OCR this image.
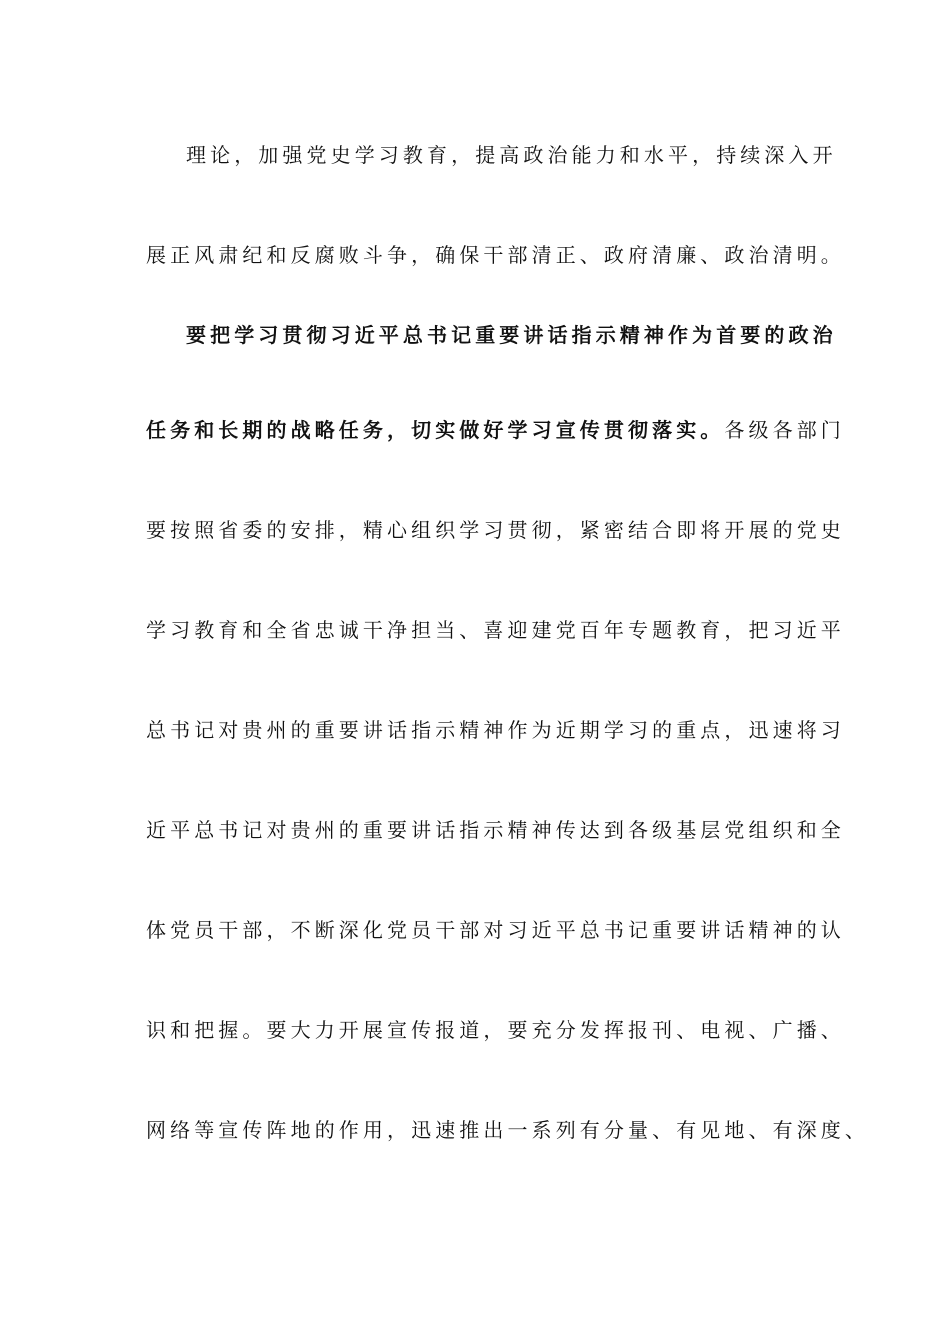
理论，加强党史学习教育，提高政治能力和水平，持续深入开
展正风肃纪和反腐败斗争，确保干部清正、政府清廉、政治清明。
要把学习贯彻习近平总书记重要讲话指示精神作为首要的政治
任务和长期的战略任务，切实做好学习宣传贯彻落实。各级各部门
要按照省委的安排，精心组织学习贯彻，紧密结合即将开展的党史
学习教育和全省忠诚干净担当、喜迎建党百年专题教育，把习近平
总书记对贵州的重要讲话指示精神作为近期学习的重点，迅速将习
近平总书记对贵州的重要讲话指示精神传达到各级基层党组织和全
体党员干部，不断深化党员干部对习近平总书记重要讲话精神的认
识和把握。要大力开展宣传报道，要充分发挥报刊、电视、广播、
网络等宣传阵地的作用，迅速推出一系列有分量、有见地、有深度、
